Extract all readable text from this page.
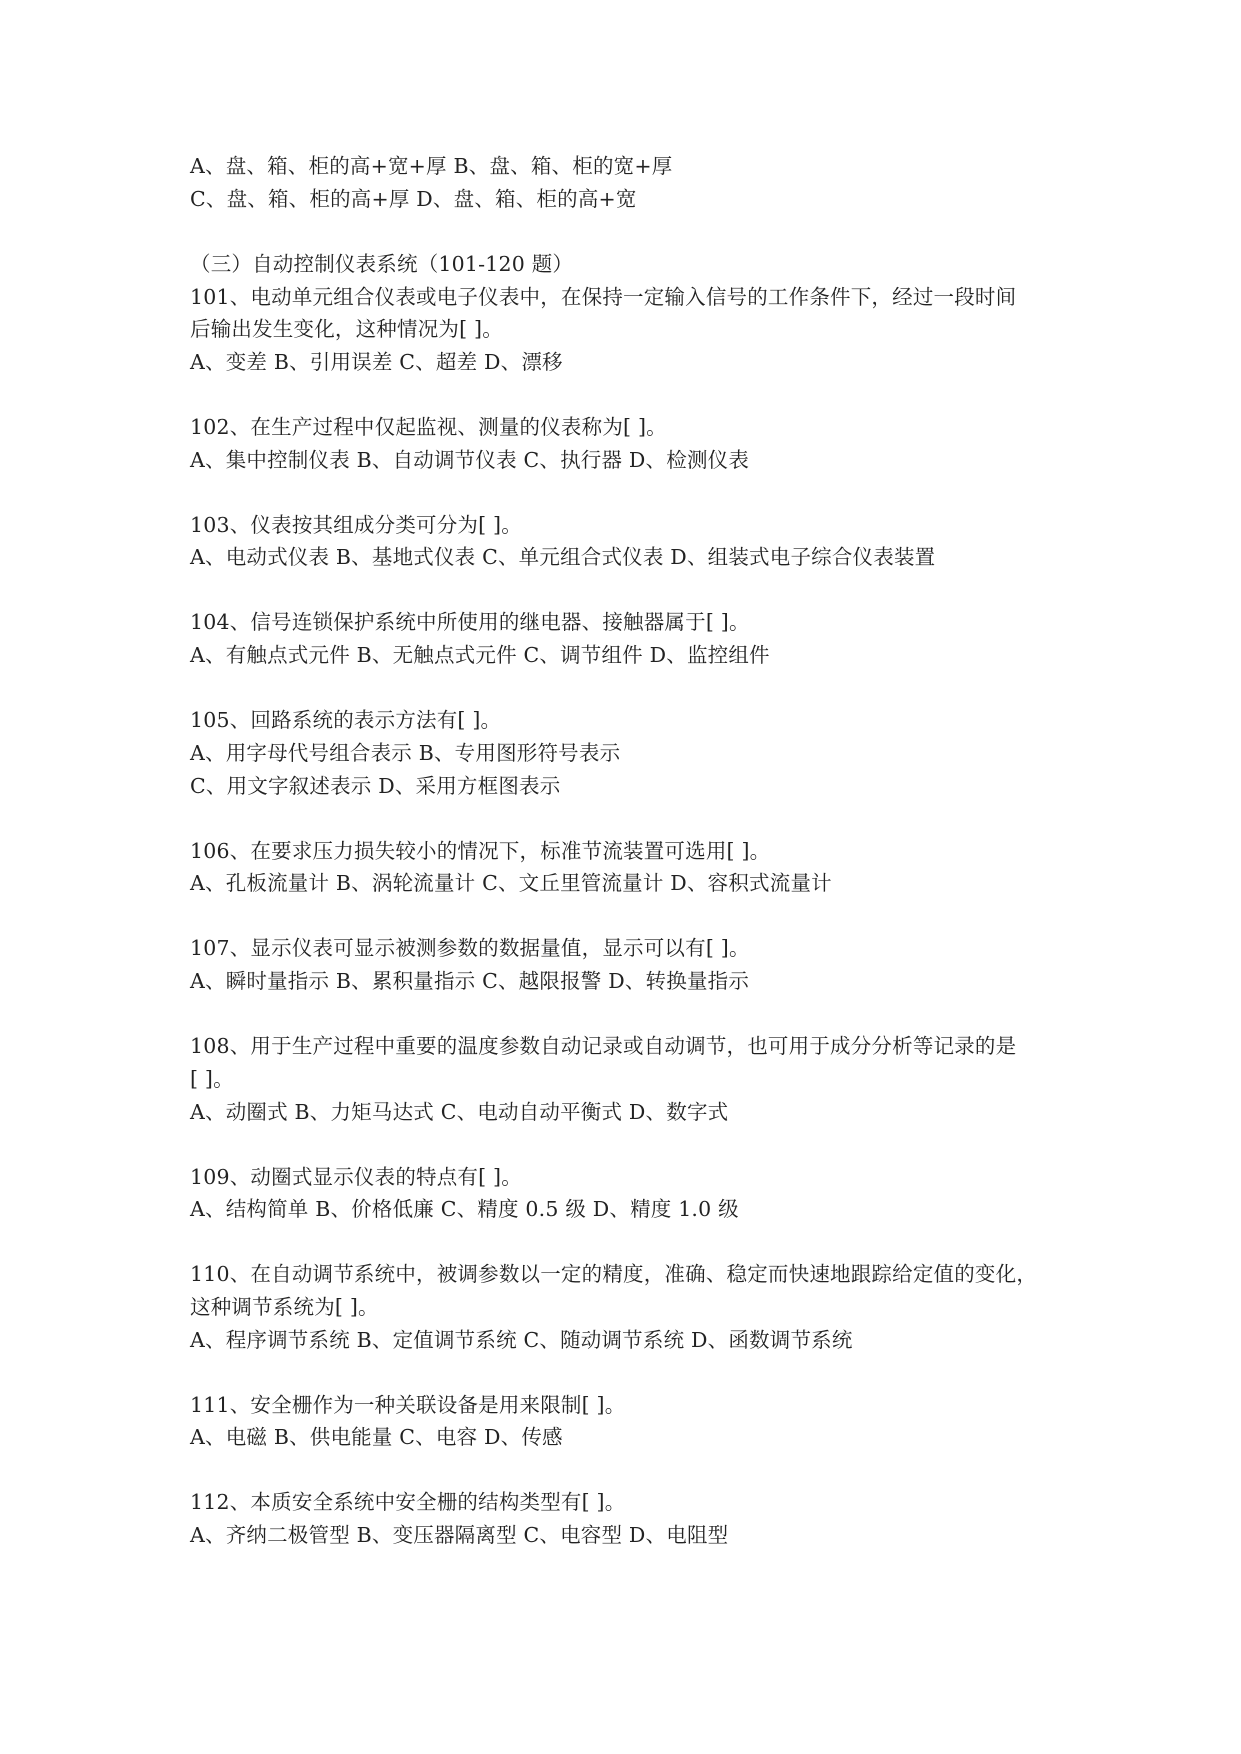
A、盘、箱、柜的高+宽+厚 B、盘、箱、柜的宽+厚
C、盘、箱、柜的高+厚 D、盘、箱、柜的高+宽
（三）自动控制仪表系统（101-120 题）
101、电动单元组合仪表或电子仪表中，在保持一定输入信号的工作条件下，经过一段时间
后输出发生变化，这种情况为[ ]。
A、变差 B、引用误差 C、超差 D、漂移
102、在生产过程中仅起监视、测量的仪表称为[ ]。
A、集中控制仪表 B、自动调节仪表 C、执行器 D、检测仪表
103、仪表按其组成分类可分为[ ]。
A、电动式仪表 B、基地式仪表 C、单元组合式仪表 D、组装式电子综合仪表装置
104、信号连锁保护系统中所使用的继电器、接触器属于[ ]。
A、有触点式元件 B、无触点式元件 C、调节组件 D、监控组件
105、回路系统的表示方法有[ ]。
A、用字母代号组合表示 B、专用图形符号表示
C、用文字叙述表示 D、采用方框图表示
106、在要求压力损失较小的情况下，标准节流装置可选用[ ]。
A、孔板流量计 B、涡轮流量计 C、文丘里管流量计 D、容积式流量计
107、显示仪表可显示被测参数的数据量值，显示可以有[ ]。
A、瞬时量指示 B、累积量指示 C、越限报警 D、转换量指示
108、用于生产过程中重要的温度参数自动记录或自动调节，也可用于成分分析等记录的是
[ ]。
A、动圈式 B、力矩马达式 C、电动自动平衡式 D、数字式
109、动圈式显示仪表的特点有[ ]。
A、结构简单 B、价格低廉 C、精度 0.5 级 D、精度 1.0 级
110、在自动调节系统中，被调参数以一定的精度，准确、稳定而快速地跟踪给定值的变化，
这种调节系统为[ ]。
A、程序调节系统 B、定值调节系统 C、随动调节系统 D、函数调节系统
111、安全栅作为一种关联设备是用来限制[ ]。
A、电磁 B、供电能量 C、电容 D、传感
112、本质安全系统中安全栅的结构类型有[ ]。
A、齐纳二极管型 B、变压器隔离型 C、电容型 D、电阻型
